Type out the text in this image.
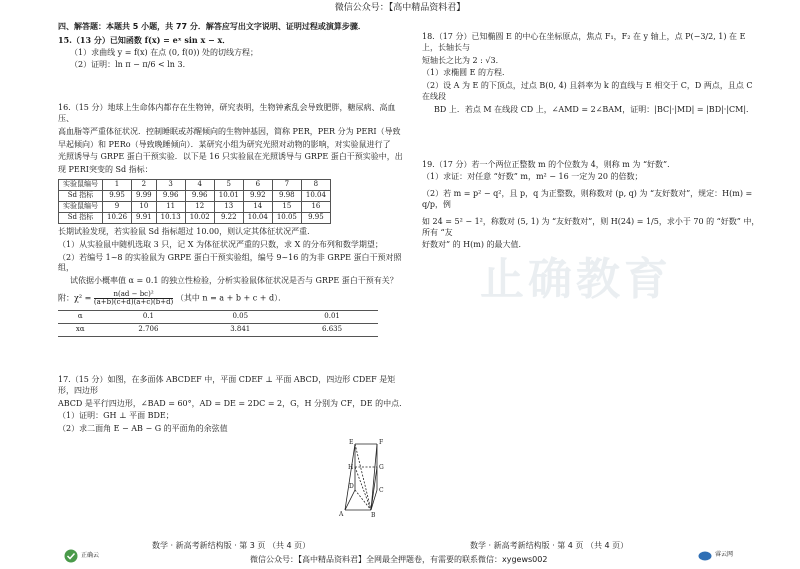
微信公众号：【高中精品资料君】
止确教育

四、解答题：本题共 5 小题，共 77 分．解答应写出文字说明、证明过程或演算步骤．

15.（13 分）已知函数 f(x) = eˣ sin x − x．

（1）求曲线 y = f(x) 在点 (0, f(0)) 处的切线方程；

（2）证明：ln π − π/6 < ln 3．

16.（15 分）地球上生命体内都存在生物钟，研究表明，生物钟紊乱会导致肥胖，糖尿病、高血压、

高血脂等严重体征状况．控制睡眠或苏醒倾向的生物钟基因，简称 PER，PER 分为 PERⅠ（导致

早起倾向）和 PERo（导致晚睡倾向）．某研究小组为研究光照对动物的影响，对实验鼠进行了

光照诱导与 GRPE 蛋白干预实验．以下是 16 只实验鼠在光照诱导与 GRPE 蛋白干预实验中，出

现 PERⅠ突变的 Sd 指标：

实验鼠编号	1	2	3	4	5	6	7	8
Sd 指标	9.95	9.99	9.96	9.96	10.01	9.92	9.98	10.04
实验鼠编号	9	10	11	12	13	14	15	16
Sd 指标	10.26	9.91	10.13	10.02	9.22	10.04	10.05	9.95

长期试验发现，若实验鼠 Sd 指标超过 10.00，则认定其体征状况严重．

（1）从实验鼠中随机选取 3 只，记 X 为体征状况严重的只数，求 X 的分布列和数学期望；

（2）若编号 1~8 的实验鼠为 GRPE 蛋白干预实验组，编号 9~16 的为非 GRPE 蛋白干预对照组，

试依据小概率值 α = 0.1 的独立性检验，分析实验鼠体征状况是否与 GRPE 蛋白干预有关？

附：$\chi^2 = \frac{\text{n(ad − bc)²}}{(a+b)(c+d)(a+c)(b+d)}$ （其中 n = a + b + c + d）．

α	0.1	0.05	0.01
xα	2.706	3.841	6.635

17.（15 分）如图，在多面体 ABCDEF 中，平面 CDEF ⊥ 平面 ABCD，四边形 CDEF 是矩形，四边形

ABCD 是平行四边形，∠BAD = 60°，AD = DE = 2DC = 2，G，H 分别为 CF，DE 的中点．

（1）证明：GH ⊥ 平面 BDE；

（2）求二面角 E − AB − G 的平面角的余弦值

E	F
H	G
D
C
A	B

18.（17 分）已知椭圆 E 的中心在坐标原点，焦点 F₁，F₂ 在 y 轴上，点 P(−3/2, 1) 在 E 上，长轴长与

短轴长之比为 2 : √3．

（1）求椭圆 E 的方程．

（2）设 A 为 E 的下顶点，过点 B(0, 4) 且斜率为 k 的直线与 E 相交于 C，D 两点，且点 C 在线段

BD 上．若点 M 在线段 CD 上，∠AMD = 2∠BAM，证明：|BC|·|MD| = |BD|·|CM|．

19.（17 分）若一个两位正整数 m 的个位数为 4，则称 m 为 “好数”．

（1）求证：对任意 “好数” m，m² − 16 一定为 20 的倍数；

（2）若 m = p² − q²，且 p，q 为正整数，则称数对 (p, q) 为 “友好数对”，规定：H(m) = q/p，例

如 24 = 5² − 1²，称数对 (5, 1) 为 “友好数对”，则 H(24) = 1/5，求小于 70 的 “好数” 中，所有 “友

好数对” 的 H(m) 的最大值．

正确云
数学 · 新高考新结构版 · 第 3 页 （共 4 页）	数学 · 新高考新结构版 · 第 4 页 （共 4 页）
睿云网
微信公众号：【高中精品资料君】全网最全押题卷，有需要的联系微信：xygews002
